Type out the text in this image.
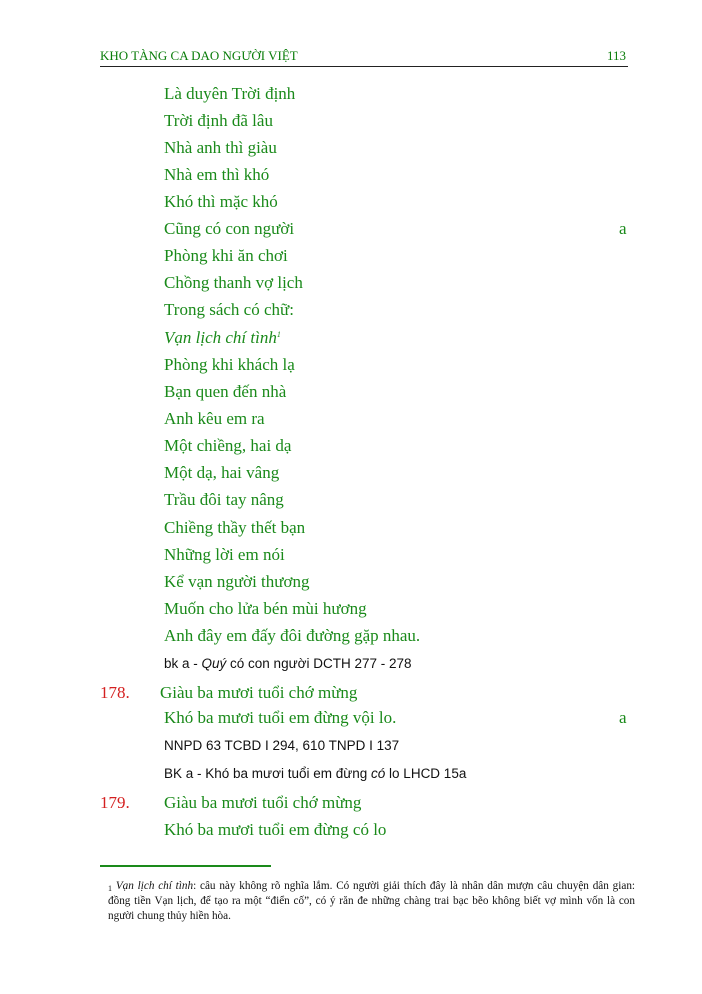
KHO TÀNG CA DAO NGƯỜI VIỆT	113
Là duyên Trời định
Trời định đã lâu
Nhà anh thì giàu
Nhà em thì khó
Khó thì mặc khó
Cũng có con người	a
Phòng khi ăn chơi
Chồng thanh vợ lịch
Trong sách có chữ:
Vạn lịch chí tình$^1$
Phòng khi khách lạ
Bạn quen đến nhà
Anh kêu em ra
Một chiềng, hai dạ
Một dạ, hai vâng
Trầu đôi tay nâng
Chiềng thầy thết bạn
Những lời em nói
Kể vạn người thương
Muốn cho lửa bén mùi hương
Anh đây em đấy đôi đường gặp nhau.
bk a - Quý có con người DCTH 277 - 278
178. Giàu ba mươi tuổi chớ mừng
Khó ba mươi tuổi em đừng vội lo.	a
NNPD 63 TCBD I 294, 610 TNPD I 137
BK a - Khó ba mươi tuổi em đừng có lo LHCD 15a
179. Giàu ba mươi tuổi chớ mừng
Khó ba mươi tuổi em đừng có lo
$^1$ Vạn lịch chí tình: câu này không rõ nghĩa lắm. Có người giải thích đây là nhân dân mượn câu chuyện dân gian: đồng tiền Vạn lịch, để tạo ra một “điển cố”, có ý răn đe những chàng trai bạc bẽo không biết vợ mình vốn là con người chung thủy hiền hòa.
